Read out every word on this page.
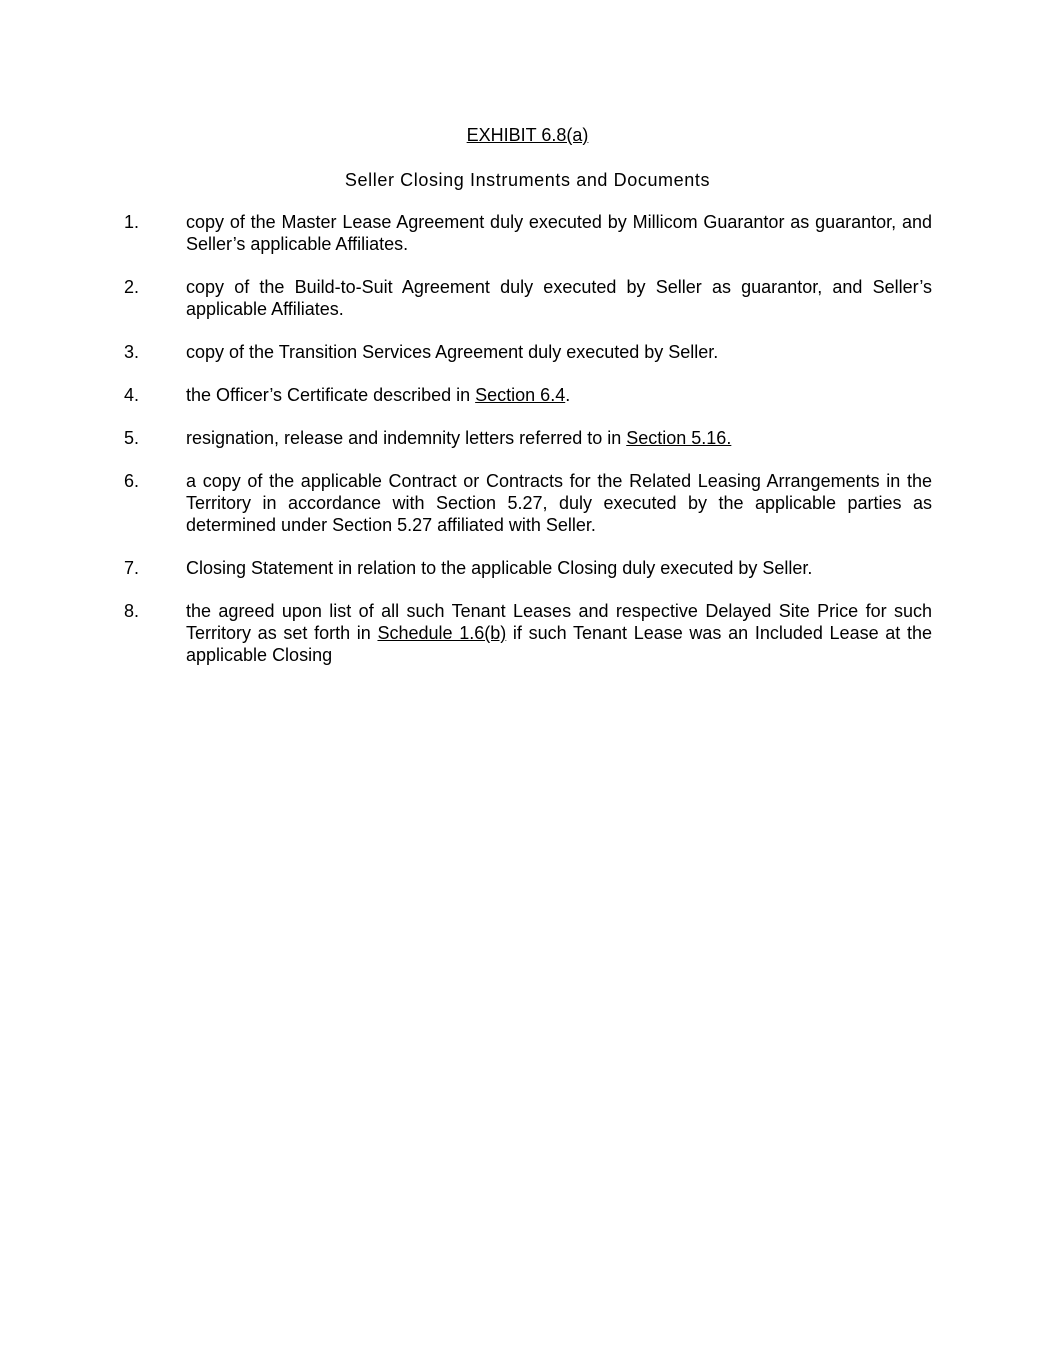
EXHIBIT 6.8(a)
Seller Closing Instruments and Documents
1.	copy of the Master Lease Agreement duly executed by Millicom Guarantor as guarantor, and Seller’s applicable Affiliates.
2.	copy of the Build-to-Suit Agreement duly executed by Seller as guarantor, and Seller’s applicable Affiliates.
3.	copy of the Transition Services Agreement duly executed by Seller.
4.	the Officer’s Certificate described in Section 6.4.
5.	resignation, release and indemnity letters referred to in Section 5.16.
6.	a copy of the applicable Contract or Contracts for the Related Leasing Arrangements in the Territory in accordance with Section 5.27, duly executed by the applicable parties as determined under Section 5.27 affiliated with Seller.
7.	Closing Statement in relation to the applicable Closing duly executed by Seller.
8.	the agreed upon list of all such Tenant Leases and respective Delayed Site Price for such Territory as set forth in Schedule 1.6(b) if such Tenant Lease was an Included Lease at the applicable Closing
